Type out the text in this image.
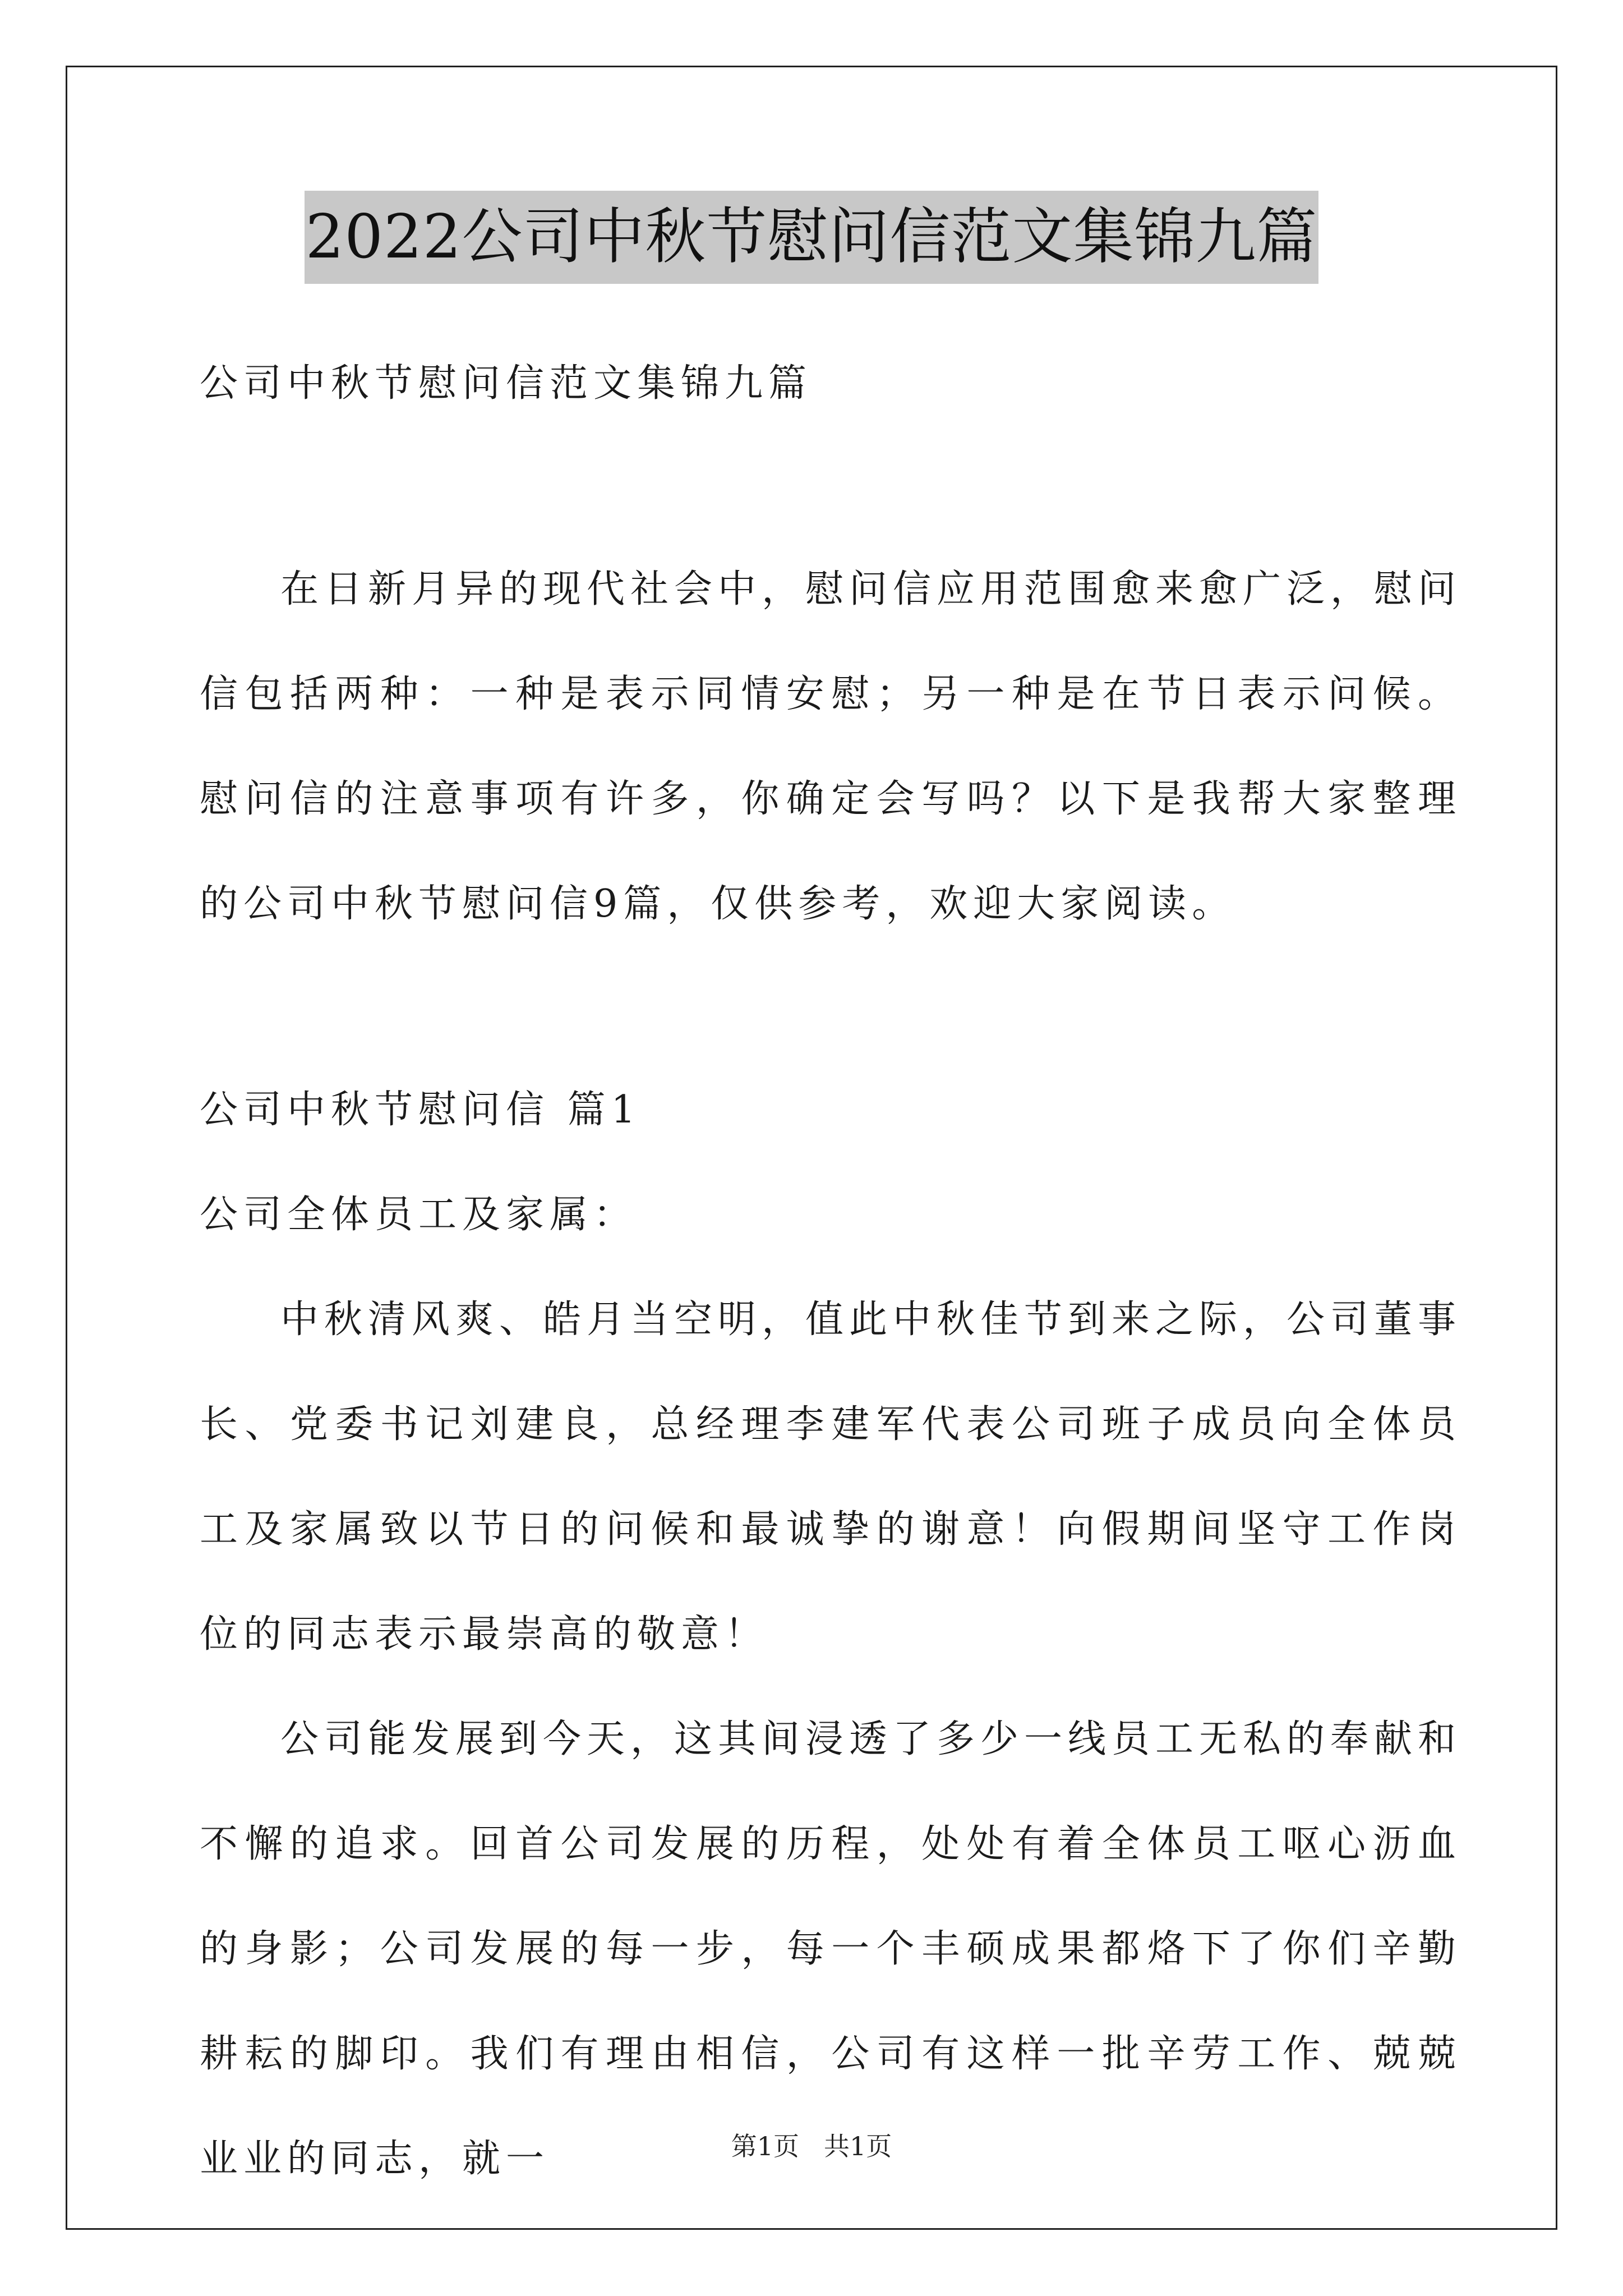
2022公司中秋节慰问信范文集锦九篇

公司中秋节慰问信范文集锦九篇

在日新月异的现代社会中，慰问信应用范围愈来愈广泛，慰问信包括两种：一种是表示同情安慰；另一种是在节日表示问候。慰问信的注意事项有许多，你确定会写吗？以下是我帮大家整理的公司中秋节慰问信9篇，仅供参考，欢迎大家阅读。

公司中秋节慰问信 篇1

公司全体员工及家属：

中秋清风爽、皓月当空明，值此中秋佳节到来之际，公司董事长、党委书记刘建良，总经理李建军代表公司班子成员向全体员工及家属致以节日的问候和最诚挚的谢意！向假期间坚守工作岗位的同志表示最崇高的敬意！

公司能发展到今天，这其间浸透了多少一线员工无私的奉献和不懈的追求。回首公司发展的历程，处处有着全体员工呕心沥血的身影；公司发展的每一步，每一个丰硕成果都烙下了你们辛勤耕耘的脚印。我们有理由相信，公司有这样一批辛劳工作、兢兢业业的同志，就一	第1页 共1页
